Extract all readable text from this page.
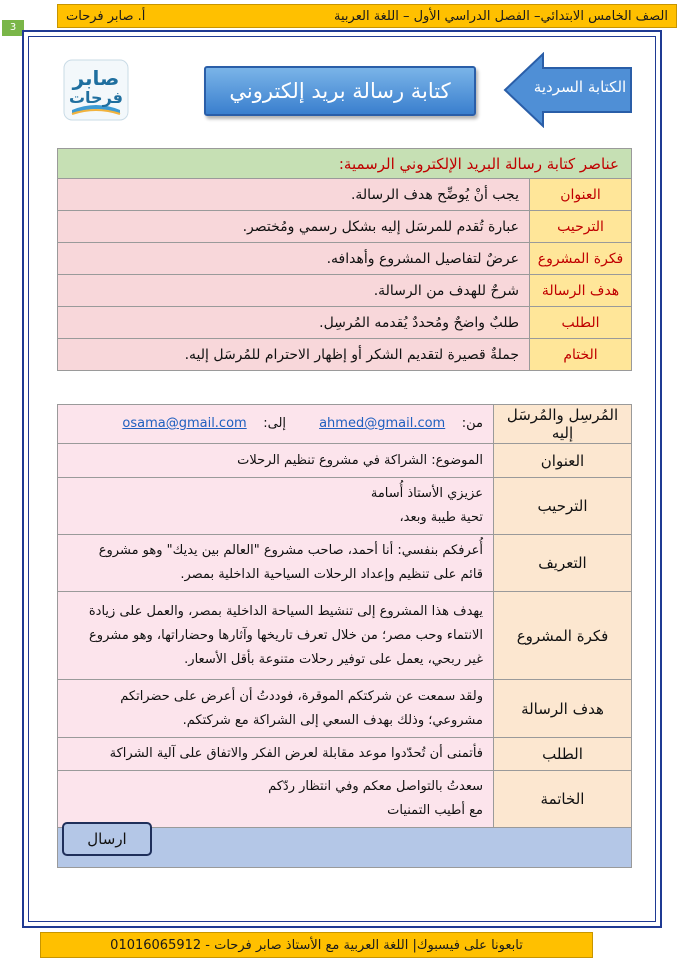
الصف الخامس الابتدائي– الفصل الدراسي الأول – اللغة العربية
أ. صابر فرحات
3
صابر
فرحات	كتابة رسالة بريد إلكتروني	الكتابة السردية
عناصر كتابة رسالة البريد الإلكتروني الرسمية:	
العنوان	يجب أنْ يُوضِّح هدف الرسالة.
الترحيب	عبارة تُقدم للمرسَل إليه بشكل رسمي ومُختصر.
فكرة المشروع	عرضٌ لتفاصيل المشروع وأهدافه.
هدف الرسالة	شرحٌ للهدف من الرسالة.
الطلب	طلبٌ واضحٌ ومُحددٌ يُقدمه المُرسِل.
الختام	جملةٌ قصيرة لتقديم الشكر أو إظهار الاحترام للمُرسَل إليه.
المُرسِل والمُرسَل إليه	من:    ahmed@gmail.com        إلى:    osama@gmail.com
العنوان	الموضوع: الشراكة في مشروع تنظيم الرحلات
الترحيب	عزيزي الأستاذ أُسامة
تحية طيبة وبعد،

التعريف	أُعرفكم بنفسي: أنا أحمد، صاحب مشروع "العالم بين يديك" وهو مشروع
قائم على تنظيم وإعداد الرحلات السياحية الداخلية بمصر.

فكرة المشروع	يهدف هذا المشروع إلى تنشيط السياحة الداخلية بمصر، والعمل على زيادة
الانتماء وحب مصر؛ من خلال تعرف تاريخها وآثارها وحضاراتها، وهو مشروع
غير ربحي، يعمل على توفير رحلات متنوعة بأقل الأسعار.

هدف الرسالة	ولقد سمعت عن شركتكم الموقرة، فوددتُ أن أعرض على حضراتكم
مشروعي؛ وذلك بهدف السعي إلى الشراكة مع شركتكم.

الطلب	فأتمنى أن تُحدّدوا موعد مقابلة لعرض الفكر والاتفاق على آلية الشراكة
الخاتمة	سعدتُ بالتواصل معكم وفي انتظار ردّكم
مع أطيب التمنيات

ارسال
تابعونا على فيسبوك| اللغة العربية مع الأستاذ صابر فرحات - 01016065912
